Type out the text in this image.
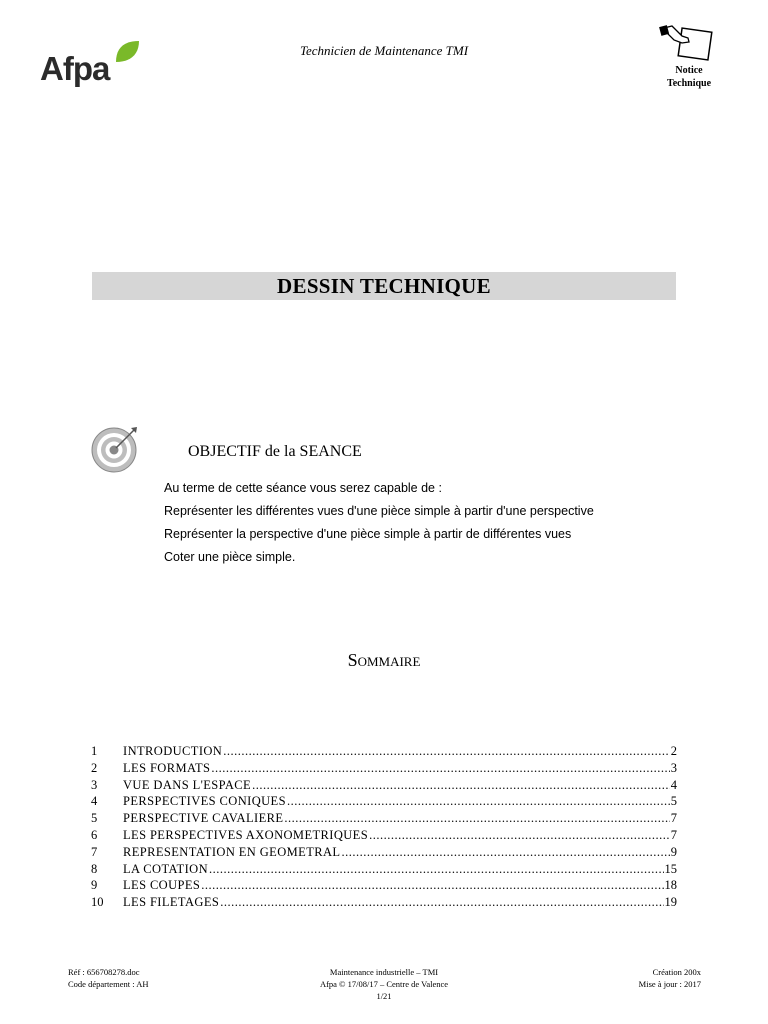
Afpa	Technicien de Maintenance TMI
Notice
Technique
DESSIN TECHNIQUE
OBJECTIF de la SEANCE
Au terme de cette séance vous serez capable de :
Représenter les différentes vues d'une pièce simple à partir d'une perspective
Représenter la perspective d'une pièce simple à partir de différentes vues
Coter une pièce simple.
Sommaire
1	INTRODUCTION .....	2
2	LES FORMATS .....	3
3	VUE DANS L'ESPACE .....	4
4	PERSPECTIVES CONIQUES .....	5
5	PERSPECTIVE CAVALIERE .....	7
6	LES PERSPECTIVES AXONOMETRIQUES .....	7
7	REPRESENTATION EN GEOMETRAL .....	9
8	LA COTATION .....	15
9	LES COUPES .....	18
10	LES FILETAGES .....	19
Réf : 656708278.doc
Code département : AH
Maintenance industrielle – TMI
Afpa © 17/08/17 – Centre de Valence
1/21
Création 200x
Mise à jour : 2017
